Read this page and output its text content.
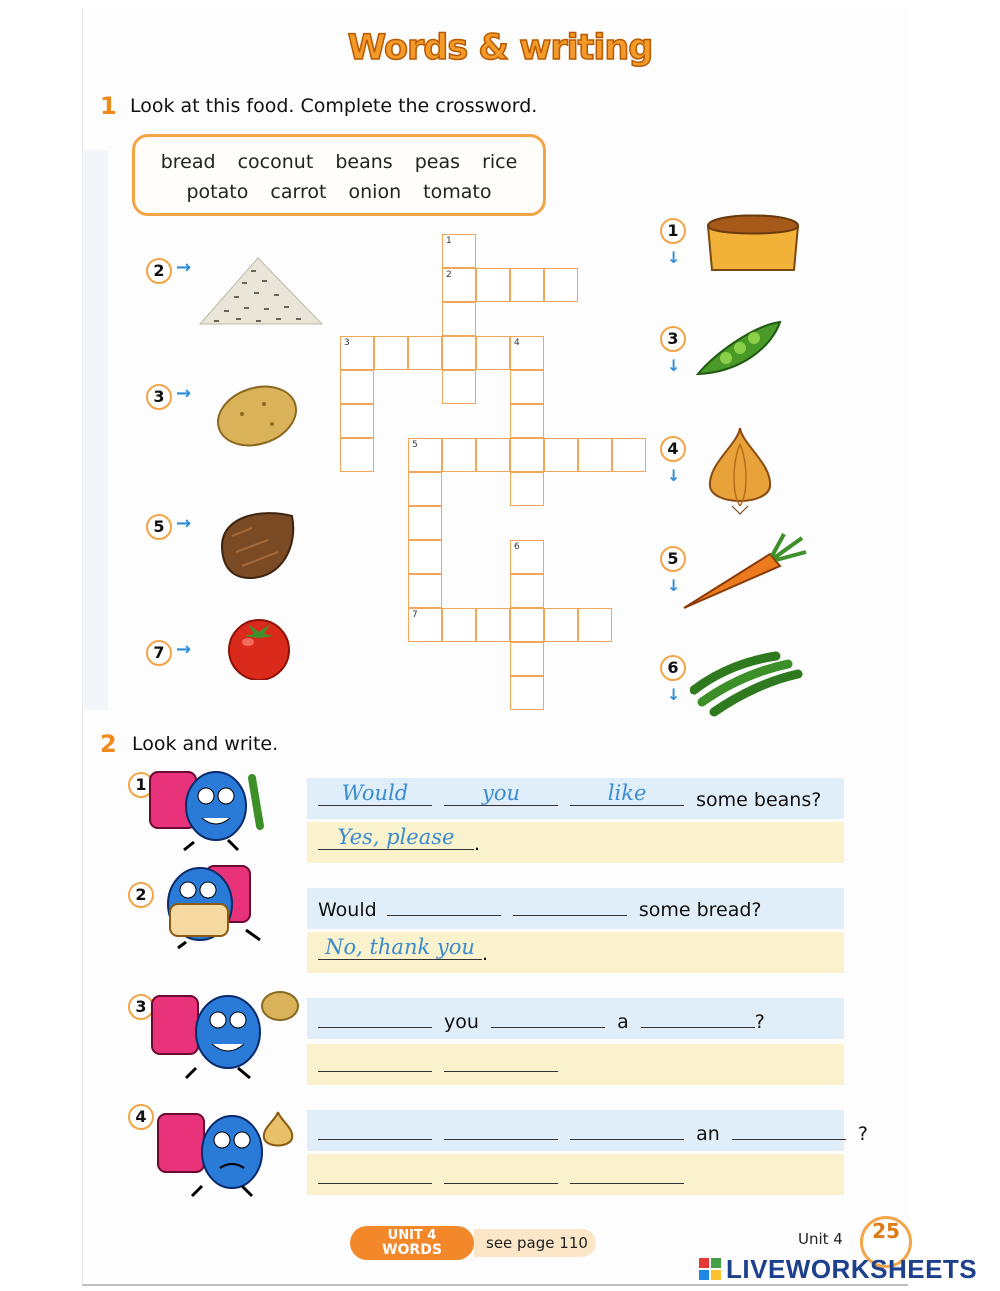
Words & writing
1 Look at this food. Complete the crossword.
bread coconut beans peas rice
potato carrot onion tomato
2 →
3 →
5 →
7 →
1
↓
3
↓
4
↓
5
↓
6
↓
1
2
3	4
5
6
7
2 Look and write.
1
2
3
4
Would
	you
	like	some beans?
Yes, please	.
Would	some bread?
No, thank you .
you	a	?

an	?

UNIT 4
WORDS	see page 110	Unit 4	25
LIVEWORKSHEETS
